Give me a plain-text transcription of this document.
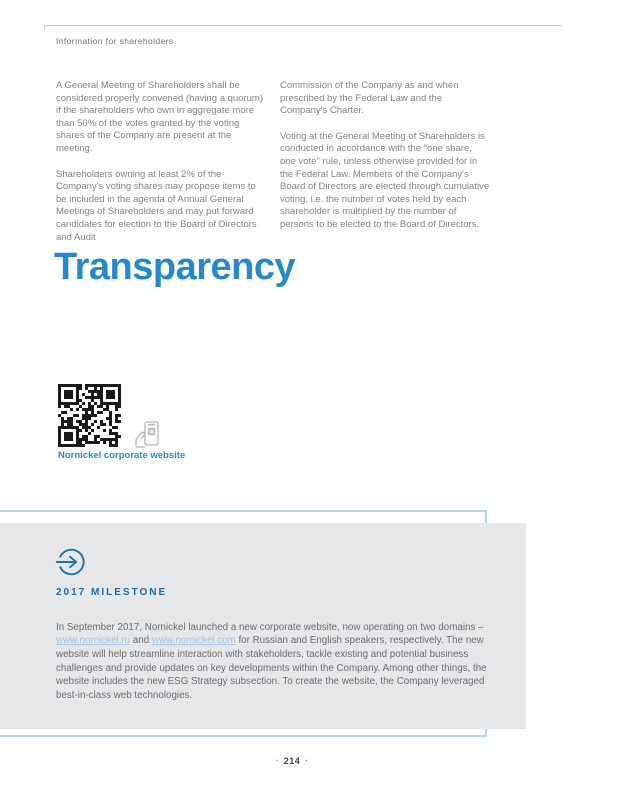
Information for shareholders

A General Meeting of Shareholders shall be considered properly convened (having a quorum) if the shareholders who own in aggregate more than 50% of the votes granted by the voting shares of the Company are present at the meeting.

Shareholders owning at least 2% of the Company's voting shares may propose items to be included in the agenda of Annual General Meetings of Shareholders and may put forward candidates for election to the Board of Directors and Audit

Commission of the Company as and when prescribed by the Federal Law and the Company's Charter.

Voting at the General Meeting of Shareholders is conducted in accordance with the "one share, one vote" rule, unless otherwise provided for in the Federal Law. Members of the Company's Board of Directors are elected through cumulative voting, i.e. the number of votes held by each shareholder is multiplied by the number of persons to be elected to the Board of Directors.

Transparency
Nornickel corporate website
2017 MILESTONE

In September 2017, Nornickel launched a new corporate website, now operating on two domains – www.nornickel.ru and www.nornickel.com for Russian and English speakers, respectively. The new website will help streamline interaction with stakeholders, tackle existing and potential business challenges and provide updates on key developments within the Company. Among other things, the website includes the new ESG Strategy subsection. To create the website, the Company leveraged best-in-class web technologies.

· 214 ·
